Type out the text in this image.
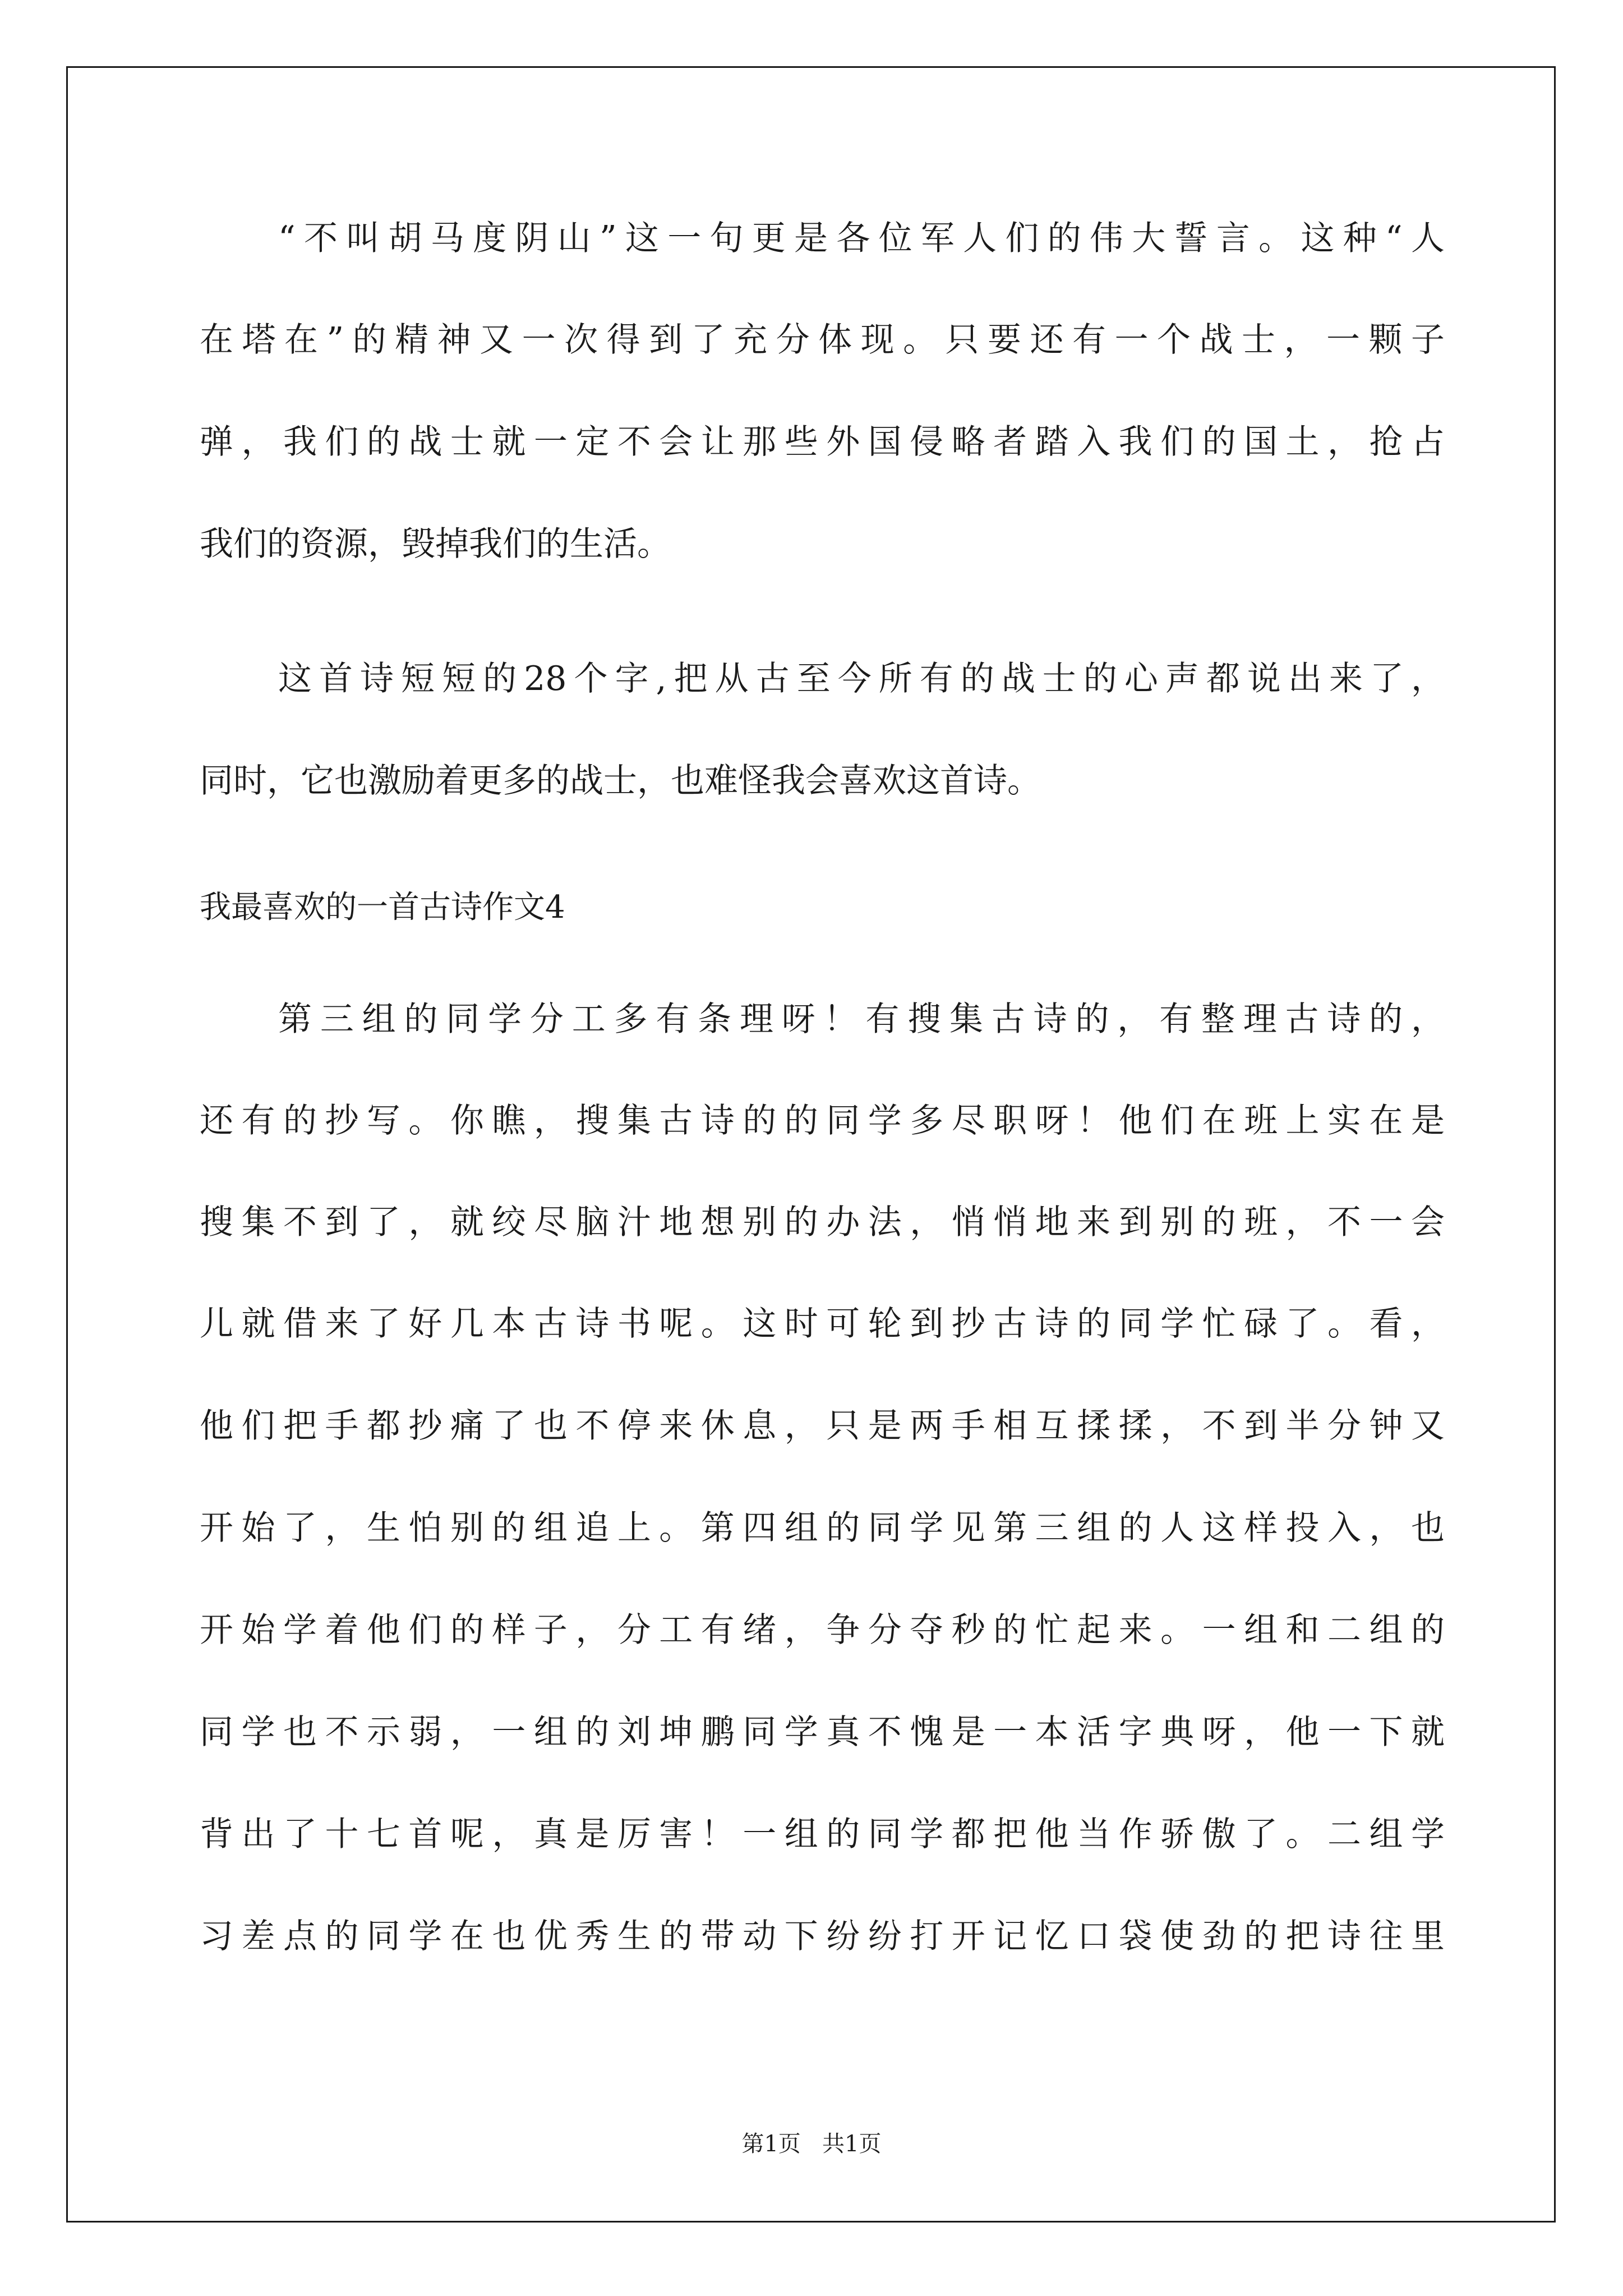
“不叫胡马度阴山”这一句更是各位军人们的伟大誓言。这种“人
在塔在”的精神又一次得到了充分体现。只要还有一个战士，一颗子
弹，我们的战士就一定不会让那些外国侵略者踏入我们的国土，抢占
我们的资源，毁掉我们的生活。
这首诗短短的28个字,把从古至今所有的战士的心声都说出来了，
同时，它也激励着更多的战士，也难怪我会喜欢这首诗。
我最喜欢的一首古诗作文4
第三组的同学分工多有条理呀！有搜集古诗的，有整理古诗的，
还有的抄写。你瞧，搜集古诗的的同学多尽职呀！他们在班上实在是
搜集不到了，就绞尽脑汁地想别的办法，悄悄地来到别的班，不一会
儿就借来了好几本古诗书呢。这时可轮到抄古诗的同学忙碌了。看，
他们把手都抄痛了也不停来休息，只是两手相互揉揉，不到半分钟又
开始了，生怕别的组追上。第四组的同学见第三组的人这样投入，也
开始学着他们的样子，分工有绪，争分夺秒的忙起来。一组和二组的
同学也不示弱，一组的刘坤鹏同学真不愧是一本活字典呀，他一下就
背出了十七首呢，真是厉害！一组的同学都把他当作骄傲了。二组学
习差点的同学在也优秀生的带动下纷纷打开记忆口袋使劲的把诗往里
第1页   共1页
